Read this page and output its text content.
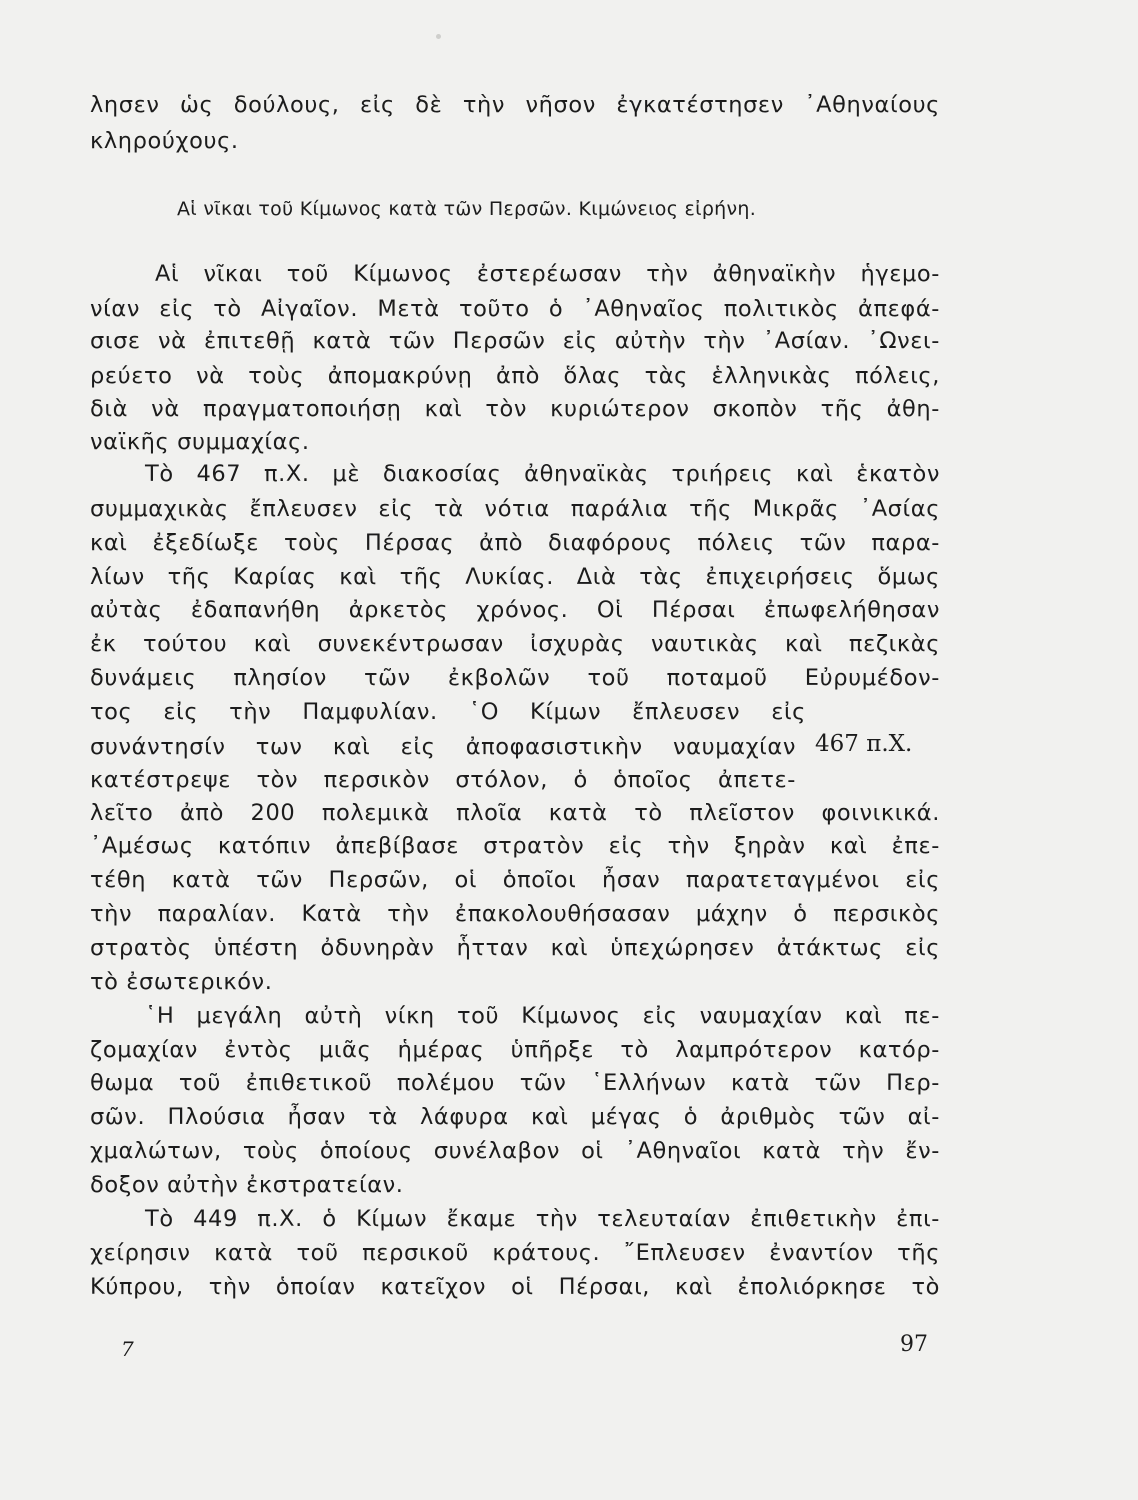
λησεν ὡς δούλους, εἰς δὲ τὴν νῆσον ἐγκατέστησεν ᾿Αθηναίους
κληρούχους.
Αἱ νῖκαι τοῦ Κίμωνος κατὰ τῶν Περσῶν. Κιμώνειος εἰρήνη.
Αἱ νῖκαι τοῦ Κίμωνος ἐστερέωσαν τὴν ἀθηναϊκὴν ἡγεμο-
νίαν εἰς τὸ Αἰγαῖον. Μετὰ τοῦτο ὁ ᾿Αθηναῖος πολιτικὸς ἀπεφά-
σισε νὰ ἐπιτεθῇ κατὰ τῶν Περσῶν εἰς αὐτὴν τὴν ᾿Ασίαν. ᾿Ωνει-
ρεύετο νὰ τοὺς ἀπομακρύνῃ ἀπὸ ὅλας τὰς ἑλληνικὰς πόλεις,
διὰ νὰ πραγματοποιήσῃ καὶ τὸν κυριώτερον σκοπὸν τῆς ἀθη-
ναϊκῆς συμμαχίας.
Τὸ 467 π.Χ. μὲ διακοσίας ἀθηναϊκὰς τριήρεις καὶ ἑκατὸν
συμμαχικὰς ἔπλευσεν εἰς τὰ νότια παράλια τῆς Μικρᾶς ᾿Ασίας
καὶ ἐξεδίωξε τοὺς Πέρσας ἀπὸ διαφόρους πόλεις τῶν παρα-
λίων τῆς Καρίας καὶ τῆς Λυκίας. Διὰ τὰς ἐπιχειρήσεις ὅμως
αὐτὰς ἐδαπανήθη ἀρκετὸς χρόνος. Οἱ Πέρσαι ἐπωφελήθησαν
ἐκ τούτου καὶ συνεκέντρωσαν ἰσχυρὰς ναυτικὰς καὶ πεζικὰς
δυνάμεις πλησίον τῶν ἐκβολῶν τοῦ ποταμοῦ Εὐρυμέδον-
τος εἰς τὴν Παμφυλίαν. ῾Ο Κίμων ἔπλευσεν εἰς
συνάντησίν των καὶ εἰς ἀποφασιστικὴν ναυμαχίαν 467 π.Χ.
κατέστρεψε τὸν περσικὸν στόλον, ὁ ὁποῖος ἀπετε-
λεῖτο ἀπὸ 200 πολεμικὰ πλοῖα κατὰ τὸ πλεῖστον φοινικικά.
᾿Αμέσως κατόπιν ἀπεβίβασε στρατὸν εἰς τὴν ξηρὰν καὶ ἐπε-
τέθη κατὰ τῶν Περσῶν, οἱ ὁποῖοι ἦσαν παρατεταγμένοι εἰς
τὴν παραλίαν. Κατὰ τὴν ἐπακολουθήσασαν μάχην ὁ περσικὸς
στρατὸς ὑπέστη ὀδυνηρὰν ἧτταν καὶ ὑπεχώρησεν ἀτάκτως εἰς
τὸ ἐσωτερικόν.
῾Η μεγάλη αὐτὴ νίκη τοῦ Κίμωνος εἰς ναυμαχίαν καὶ πε-
ζομαχίαν ἐντὸς μιᾶς ἡμέρας ὑπῆρξε τὸ λαμπρότερον κατόρ-
θωμα τοῦ ἐπιθετικοῦ πολέμου τῶν ῾Ελλήνων κατὰ τῶν Περ-
σῶν. Πλούσια ἦσαν τὰ λάφυρα καὶ μέγας ὁ ἀριθμὸς τῶν αἰ-
χμαλώτων, τοὺς ὁποίους συνέλαβον οἱ ᾿Αθηναῖοι κατὰ τὴν ἔν-
δοξον αὐτὴν ἐκστρατείαν.
Τὸ 449 π.Χ. ὁ Κίμων ἔκαμε τὴν τελευταίαν ἐπιθετικὴν ἐπι-
χείρησιν κατὰ τοῦ περσικοῦ κράτους. ῎Επλευσεν ἐναντίον τῆς
Κύπρου, τὴν ὁποίαν κατεῖχον οἱ Πέρσαι, καὶ ἐπολιόρκησε τὸ
7	97
